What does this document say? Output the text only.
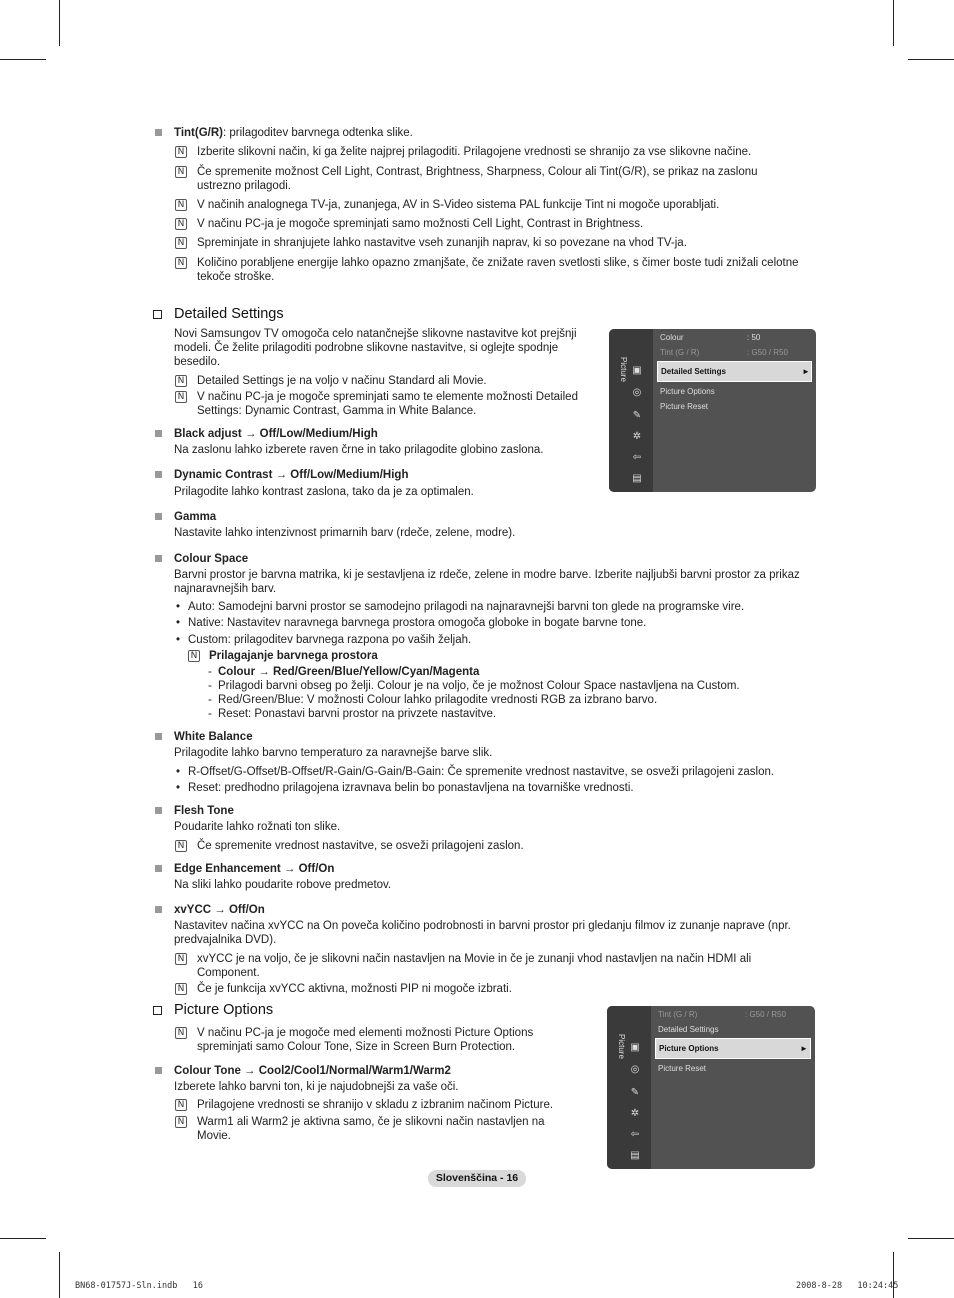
Tint(G/R): prilagoditev barvnega odtenka slike.
N Izberite slikovni način, ki ga želite najprej prilagoditi. Prilagojene vrednosti se shranijo za vse slikovne načine.
N Če spremenite možnost Cell Light, Contrast, Brightness, Sharpness, Colour ali Tint(G/R), se prikaz na zaslonu
ustrezno prilagodi.
N V načinih analognega TV-ja, zunanjega, AV in S-Video sistema PAL funkcije Tint ni mogoče uporabljati.
N V načinu PC-ja je mogoče spreminjati samo možnosti Cell Light, Contrast in Brightness.
N Spreminjate in shranjujete lahko nastavitve vseh zunanjih naprav, ki so povezane na vhod TV-ja.
N Količino porabljene energije lahko opazno zmanjšate, če znižate raven svetlosti slike, s čimer boste tudi znižali celotne
tekoče stroške.
Detailed Settings
Novi Samsungov TV omogoča celo natančnejše slikovne nastavitve kot prejšnji
modeli. Če želite prilagoditi podrobne slikovne nastavitve, si oglejte spodnje
besedilo.
N Detailed Settings je na voljo v načinu Standard ali Movie.
N V načinu PC-ja je mogoče spreminjati samo te elemente možnosti Detailed
Settings: Dynamic Contrast, Gamma in White Balance.
Picture ▣
◎
✎
✲
⇦
▤
Colour	: 50
Tint (G / R)	: G50 / R50
Detailed Settings	►
Picture Options
Picture Reset
Black adjust → Off/Low/Medium/High
Na zaslonu lahko izberete raven črne in tako prilagodite globino zaslona.
Dynamic Contrast → Off/Low/Medium/High
Prilagodite lahko kontrast zaslona, tako da je za optimalen.
Gamma
Nastavite lahko intenzivnost primarnih barv (rdeče, zelene, modre).
Colour Space
Barvni prostor je barvna matrika, ki je sestavljena iz rdeče, zelene in modre barve. Izberite najljubši barvni prostor za prikaz
najnaravnejših barv.
• Auto: Samodejni barvni prostor se samodejno prilagodi na najnaravnejši barvni ton glede na programske vire.
• Native: Nastavitev naravnega barvnega prostora omogoča globoke in bogate barvne tone.
• Custom: prilagoditev barvnega razpona po vaših željah.
N Prilagajanje barvnega prostora
- Colour → Red/Green/Blue/Yellow/Cyan/Magenta
- Prilagodi barvni obseg po želji. Colour je na voljo, če je možnost Colour Space nastavljena na Custom.
- Red/Green/Blue: V možnosti Colour lahko prilagodite vrednosti RGB za izbrano barvo.
- Reset: Ponastavi barvni prostor na privzete nastavitve.
White Balance
Prilagodite lahko barvno temperaturo za naravnejše barve slik.
• R-Offset/G-Offset/B-Offset/R-Gain/G-Gain/B-Gain: Če spremenite vrednost nastavitve, se osveži prilagojeni zaslon.
• Reset: predhodno prilagojena izravnava belin bo ponastavljena na tovarniške vrednosti.
Flesh Tone
Poudarite lahko rožnati ton slike.
N Če spremenite vrednost nastavitve, se osveži prilagojeni zaslon.
Edge Enhancement → Off/On
Na sliki lahko poudarite robove predmetov.
xvYCC → Off/On
Nastavitev načina xvYCC na On poveča količino podrobnosti in barvni prostor pri gledanju filmov iz zunanje naprave (npr.
predvajalnika DVD).
N xvYCC je na voljo, če je slikovni način nastavljen na Movie in če je zunanji vhod nastavljen na način HDMI ali
Component.
N Če je funkcija xvYCC aktivna, možnosti PIP ni mogoče izbrati.
Picture Options
N V načinu PC-ja je mogoče med elementi možnosti Picture Options
spreminjati samo Colour Tone, Size in Screen Burn Protection.
Colour Tone → Cool2/Cool1/Normal/Warm1/Warm2
Izberete lahko barvni ton, ki je najudobnejši za vaše oči.
N Prilagojene vrednosti se shranijo v skladu z izbranim načinom Picture.
N Warm1 ali Warm2 je aktivna samo, če je slikovni način nastavljen na
Movie.
Picture ▣
◎
✎
✲
⇦
▤
Tint (G / R)	: G50 / R50
Detailed Settings
Picture Options	►
Picture Reset
Slovenščina - 16
BN68-01757J-Sln.indb   16	2008-8-28   10:24:45
